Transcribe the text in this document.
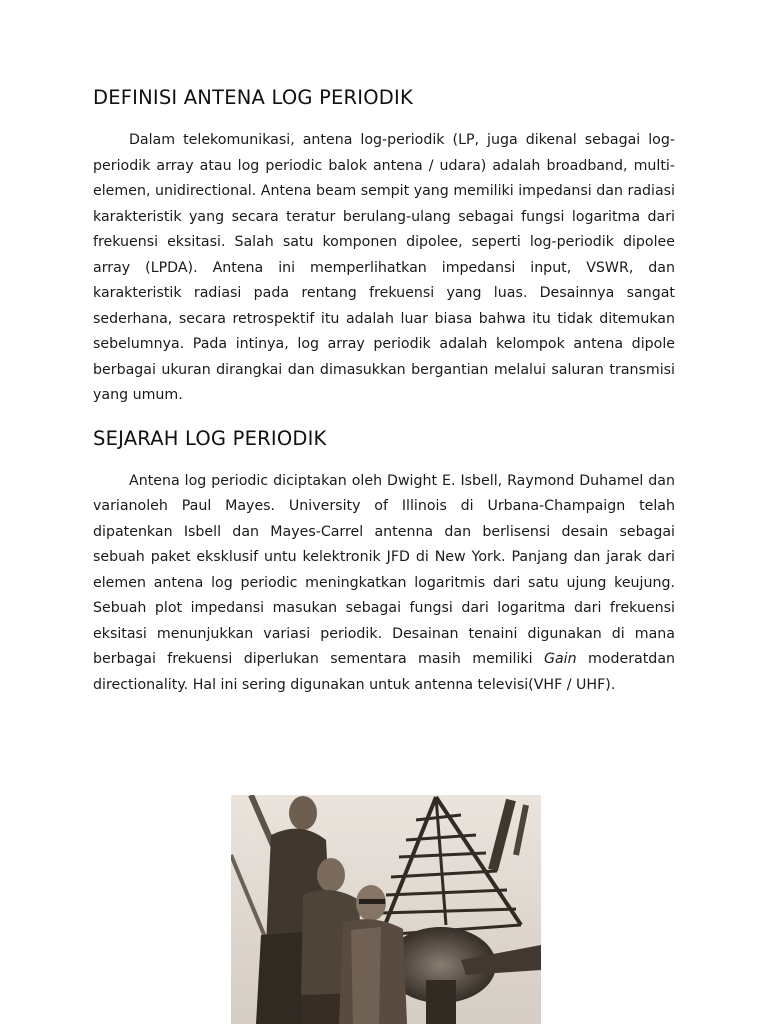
DEFINISI ANTENA LOG PERIODIK

Dalam telekomunikasi, antena log-periodik (LP, juga dikenal sebagai log-periodik array atau log periodic balok antena / udara) adalah broadband, multi-elemen, unidirectional. Antena beam sempit yang memiliki impedansi dan radiasi karakteristik yang secara teratur berulang-ulang sebagai fungsi logaritma dari frekuensi eksitasi. Salah satu komponen dipolee, seperti log-periodik dipolee array (LPDA). Antena ini memperlihatkan impedansi input, VSWR, dan karakteristik radiasi pada rentang frekuensi yang luas. Desainnya sangat sederhana, secara retrospektif itu adalah luar biasa bahwa itu tidak ditemukan sebelumnya. Pada intinya, log array periodik adalah kelompok antena dipole berbagai ukuran dirangkai dan dimasukkan bergantian melalui saluran transmisi yang umum.

SEJARAH LOG PERIODIK

Antena log periodic diciptakan oleh Dwight E. Isbell, Raymond Duhamel dan varianoleh Paul Mayes. University of Illinois di Urbana-Champaign telah dipatenkan Isbell dan Mayes-Carrel antenna dan berlisensi desain sebagai sebuah paket eksklusif untu kelektronik JFD di New York. Panjang dan jarak dari elemen antena log periodic meningkatkan logaritmis dari satu ujung keujung. Sebuah plot impedansi masukan sebagai fungsi dari logaritma dari frekuensi eksitasi menunjukkan variasi periodik. Desainan tenaini digunakan di mana berbagai frekuensi diperlukan sementara masih memiliki Gain moderatdan directionality. Hal ini sering digunakan untuk antenna televisi(VHF / UHF).
